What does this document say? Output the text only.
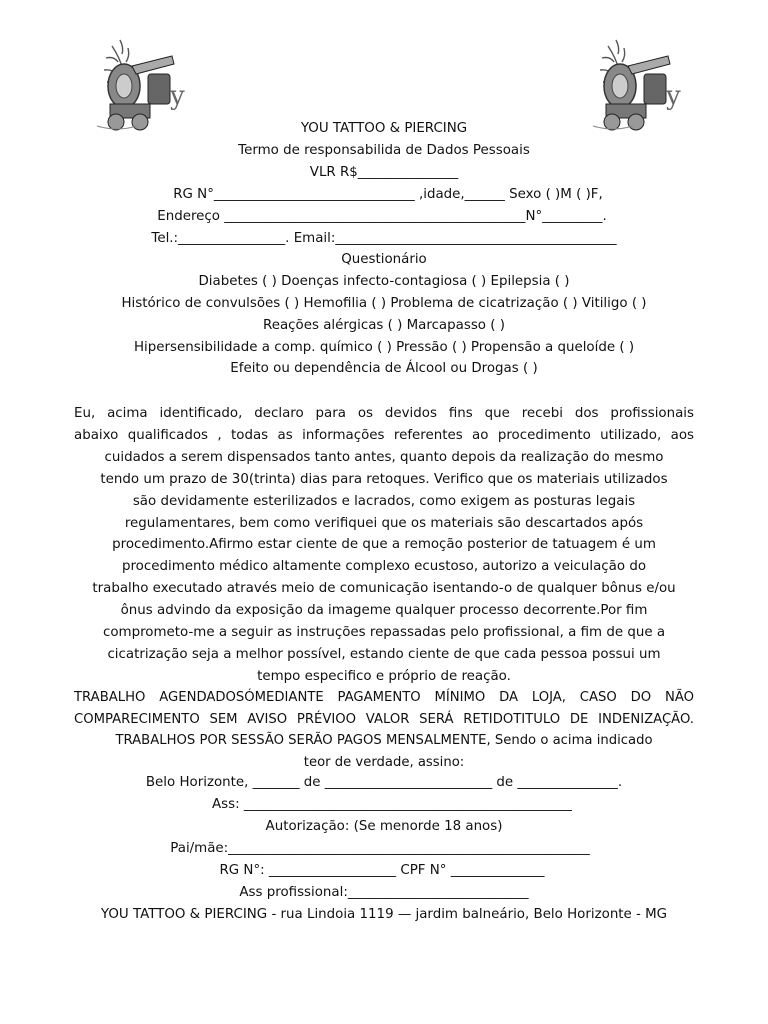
y	y
YOU TATTOO & PIERCING
Termo de responsabilida de Dados Pessoais
VLR R$_______________
RG N°______________________________ ,idade,______ Sexo ( )M ( )F,
Endereço _____________________________________________N°_________.
Tel.:________________. Email:__________________________________________
Questionário
Diabetes ( ) Doenças infecto-contagiosa ( ) Epilepsia ( )
Histórico de convulsões ( ) Hemofilia ( ) Problema de cicatrização ( ) Vitiligo ( )
Reações alérgicas ( ) Marcapasso ( )
Hipersensibilidade a comp. químico ( ) Pressão ( ) Propensão a queloíde ( )
Efeito ou dependência de Álcool ou Drogas ( )
Eu, acima identificado, declaro para os devidos fins que recebi dos profissionais
abaixo qualificados , todas as informações referentes ao procedimento utilizado, aos
cuidados a serem dispensados tanto antes, quanto depois da realização do mesmo
tendo um prazo de 30(trinta) dias para retoques. Verifico que os materiais utilizados
são devidamente esterilizados e lacrados, como exigem as posturas legais
regulamentares, bem como verifiquei que os materiais são descartados após
procedimento.Afirmo estar ciente de que a remoção posterior de tatuagem é um
procedimento médico altamente complexo ecustoso, autorizo a veiculação do
trabalho executado através meio de comunicação isentando-o de qualquer bônus e/ou
ônus advindo da exposição da imageme qualquer processo decorrente.Por fim
comprometo-me a seguir as instruções repassadas pelo profissional, a fim de que a
cicatrização seja a melhor possível, estando ciente de que cada pessoa possui um
tempo especifico e próprio de reação.
TRABALHO AGENDADOSÓMEDIANTE PAGAMENTO MÍNIMO DA LOJA, CASO DO NÃO
COMPARECIMENTO SEM AVISO PRÉVIOO VALOR SERÁ RETIDOTITULO DE INDENIZAÇÃO.
TRABALHOS POR SESSÃO SERÃO PAGOS MENSALMENTE, Sendo o acima indicado
teor de verdade, assino:
Belo Horizonte, _______ de _________________________ de _______________.
Ass: _________________________________________________
Autorização: (Se menorde 18 anos)
Pai/mãe:______________________________________________________
RG N°: ___________________ CPF N° ______________
Ass profissional:___________________________
YOU TATTOO & PIERCING - rua Lindoia 1119 — jardim balneário, Belo Horizonte - MG
